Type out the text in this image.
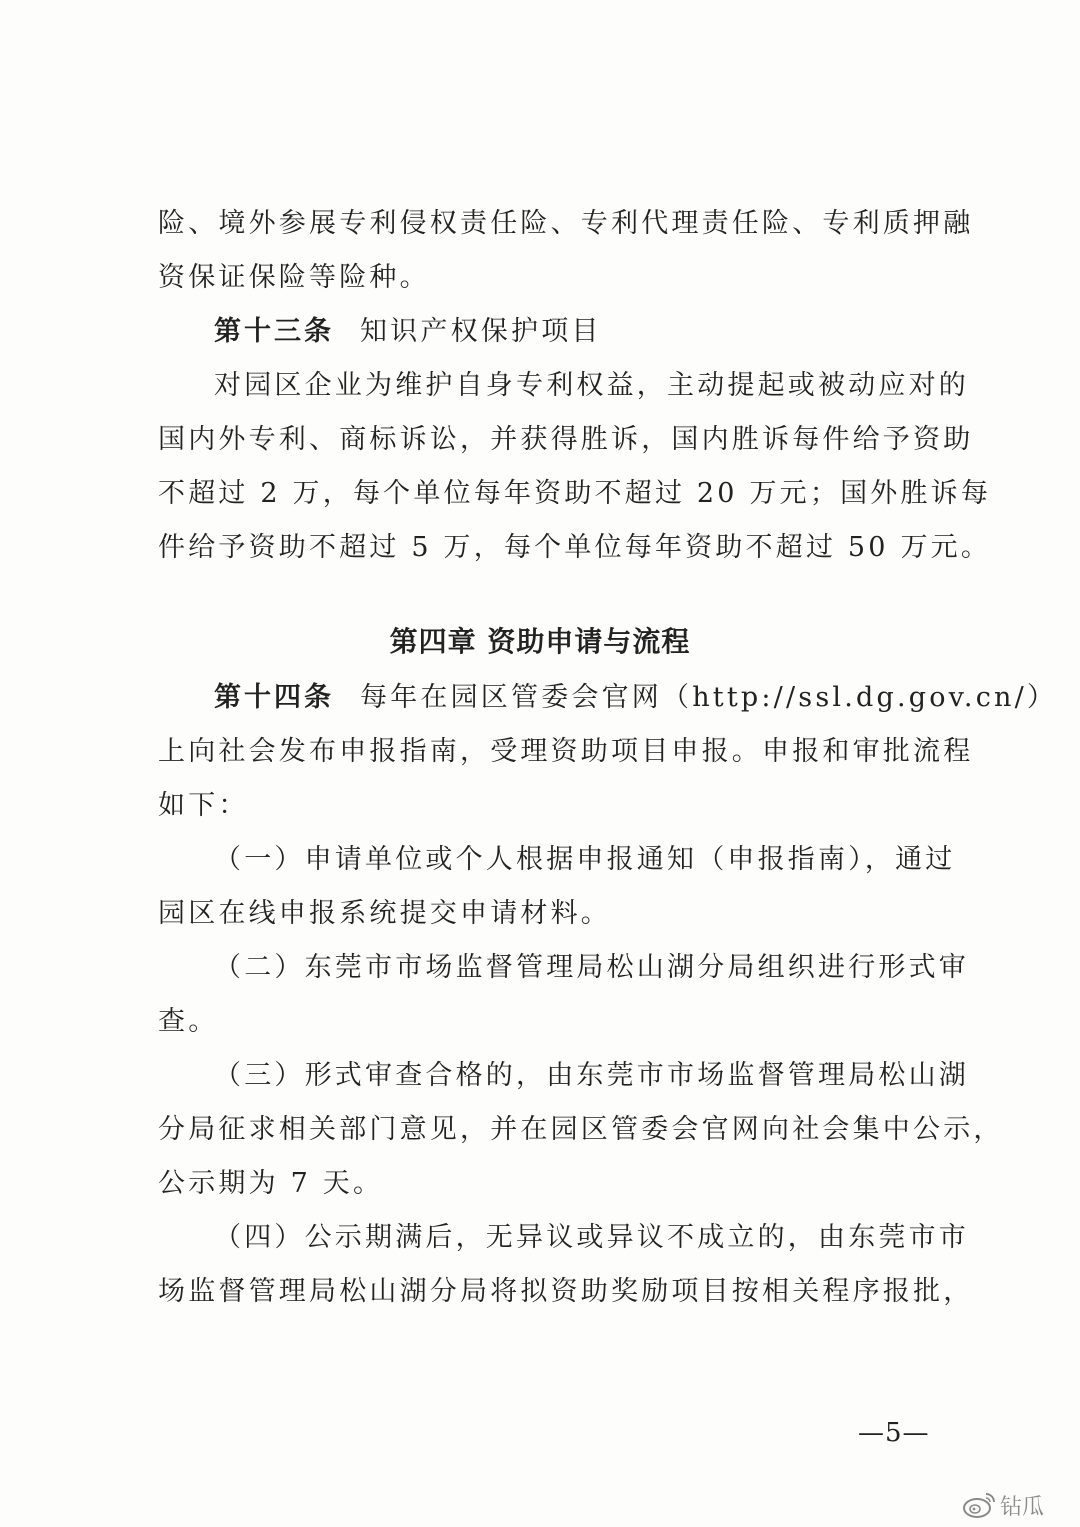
险、境外参展专利侵权责任险、专利代理责任险、专利质押融
资保证保险等险种。
第十三条 知识产权保护项目
对园区企业为维护自身专利权益，主动提起或被动应对的
国内外专利、商标诉讼，并获得胜诉，国内胜诉每件给予资助
不超过 2 万，每个单位每年资助不超过 20 万元；国外胜诉每
件给予资助不超过 5 万，每个单位每年资助不超过 50 万元。
第四章 资助申请与流程
第十四条 每年在园区管委会官网（http://ssl.dg.gov.cn/）
上向社会发布申报指南，受理资助项目申报。申报和审批流程
如下：
（一）申请单位或个人根据申报通知（申报指南），通过
园区在线申报系统提交申请材料。
（二）东莞市市场监督管理局松山湖分局组织进行形式审
查。
（三）形式审查合格的，由东莞市市场监督管理局松山湖
分局征求相关部门意见，并在园区管委会官网向社会集中公示，
公示期为 7 天。
（四）公示期满后，无异议或异议不成立的，由东莞市市
场监督管理局松山湖分局将拟资助奖励项目按相关程序报批，
—5—
钻瓜
